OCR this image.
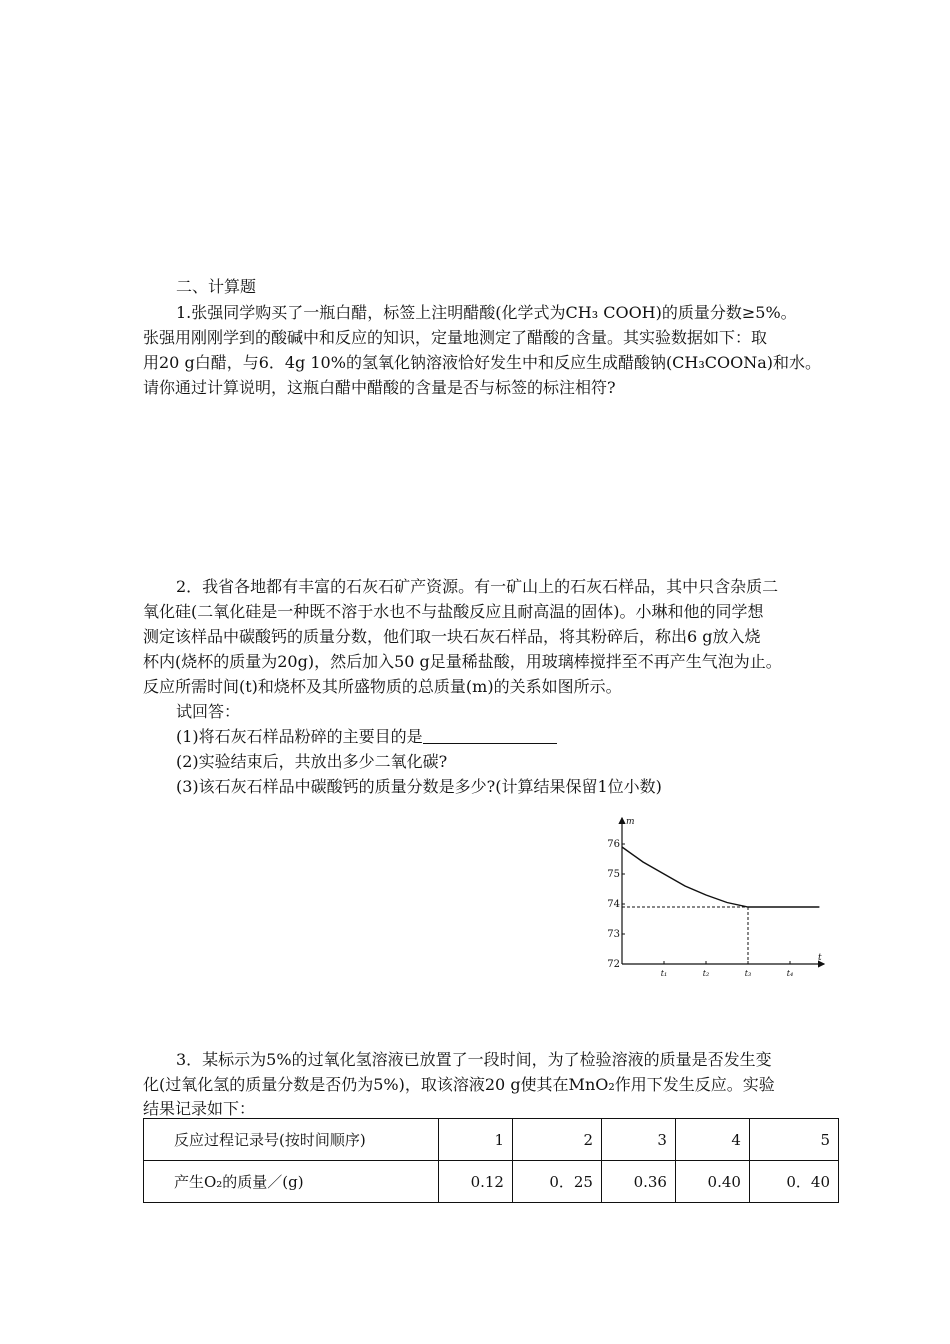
二、计算题
1.张强同学购买了一瓶白醋，标签上注明醋酸(化学式为CH₃ COOH)的质量分数≥5%。
张强用刚刚学到的酸碱中和反应的知识，定量地测定了醋酸的含量。其实验数据如下：取
用20 g白醋，与6．4g 10%的氢氧化钠溶液恰好发生中和反应生成醋酸钠(CH₃COONa)和水。
请你通过计算说明，这瓶白醋中醋酸的含量是否与标签的标注相符?
2．我省各地都有丰富的石灰石矿产资源。有一矿山上的石灰石样品，其中只含杂质二
氧化硅(二氧化硅是一种既不溶于水也不与盐酸反应且耐高温的固体)。小琳和他的同学想
测定该样品中碳酸钙的质量分数，他们取一块石灰石样品，将其粉碎后，称出6 g放入烧
杯内(烧杯的质量为20g)，然后加入50 g足量稀盐酸，用玻璃棒搅拌至不再产生气泡为止。
反应所需时间(t)和烧杯及其所盛物质的总质量(m)的关系如图所示。
试回答：
(1)将石灰石样品粉碎的主要目的是
(2)实验结束后，共放出多少二氧化碳?
(3)该石灰石样品中碳酸钙的质量分数是多少?(计算结果保留1位小数)
m
t
72
73
74
75
76
t₁	t₂	t₃	t₄
3．某标示为5%的过氧化氢溶液已放置了一段时间，为了检验溶液的质量是否发生变
化(过氧化氢的质量分数是否仍为5%)，取该溶液20 g使其在MnO₂作用下发生反应。实验
结果记录如下：
反应过程记录号(按时间顺序)	1	2	3	4	5
产生O₂的质量／(g)	0.12	0．25	0.36	0.40	0．40
